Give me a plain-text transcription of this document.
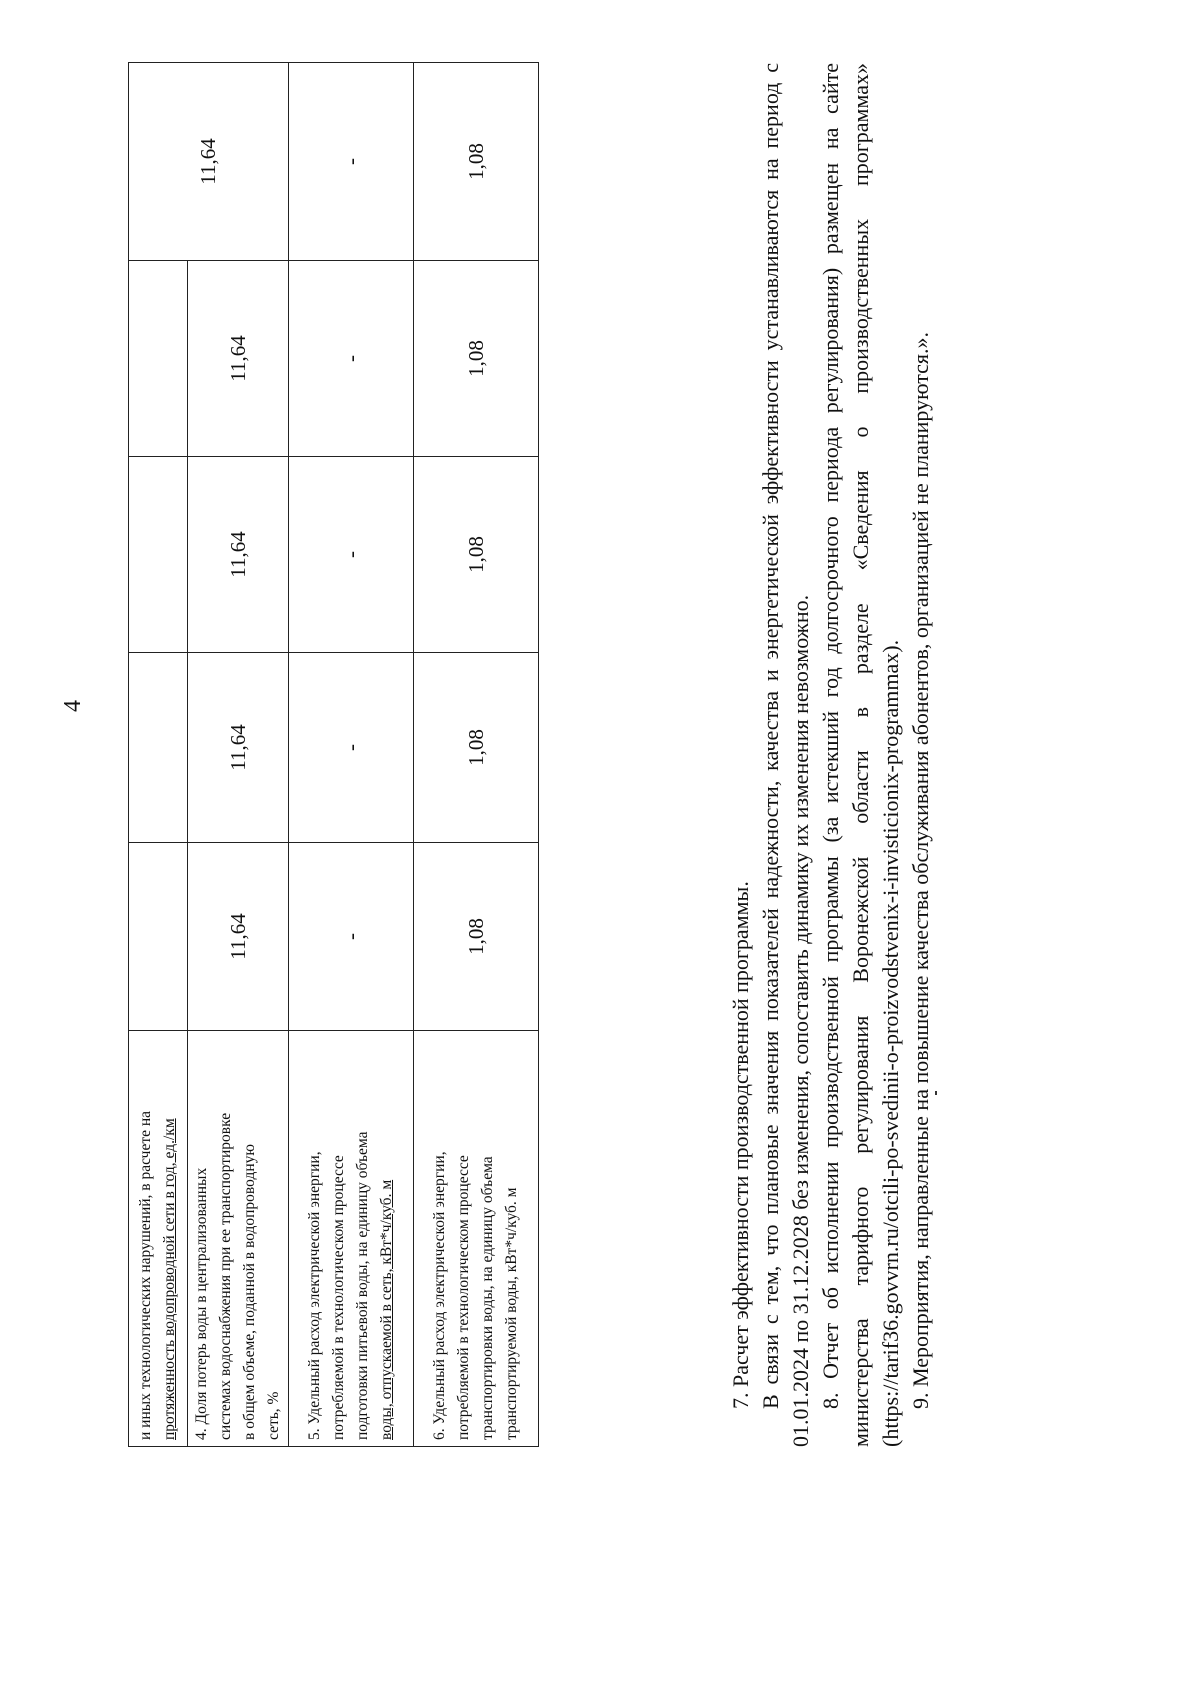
4
и иных технологических нарушений, в расчете на протяженность водопроводной сети в год, ед./км					11,64
4. Доля потерь воды в централизованных системах водоснабжения при ее транспортировке в общем объеме, поданной в водопроводную сеть, %	11,64	11,64	11,64	11,64	
5. Удельный расход электрической энергии, потребляемой в технологическом процессе подготовки питьевой воды, на единицу объема воды, отпускаемой в сеть, кВт*ч/куб. м	-	-	-	-	-
6. Удельный расход электрической энергии, потребляемой в технологическом процессе транспортировки воды, на единицу объема транспортируемой воды, кВт*ч/куб. м	1,08	1,08	1,08	1,08	1,08

7. Расчет эффективности производственной программы. В связи с тем, что плановые значения показателей надежности, качества и энергетической эффективности устанавливаются на период с 01.01.2024 по 31.12.2028 без изменения, сопоставить динамику их изменения невозможно. 8. Отчет об исполнении производственной программы (за истекший год долгосрочного периода регулирования) размещен на сайте министерства тарифного регулирования Воронежской области в разделе «Сведения о производственных программах» (https://tarif36.govvrn.ru/otcili-po-svedinii-o-proizvodstvenix-i-invisticionix-programmax). 9. Мероприятия, направленные на повышение качества обслуживания абонентов, организацией не планируются.».
